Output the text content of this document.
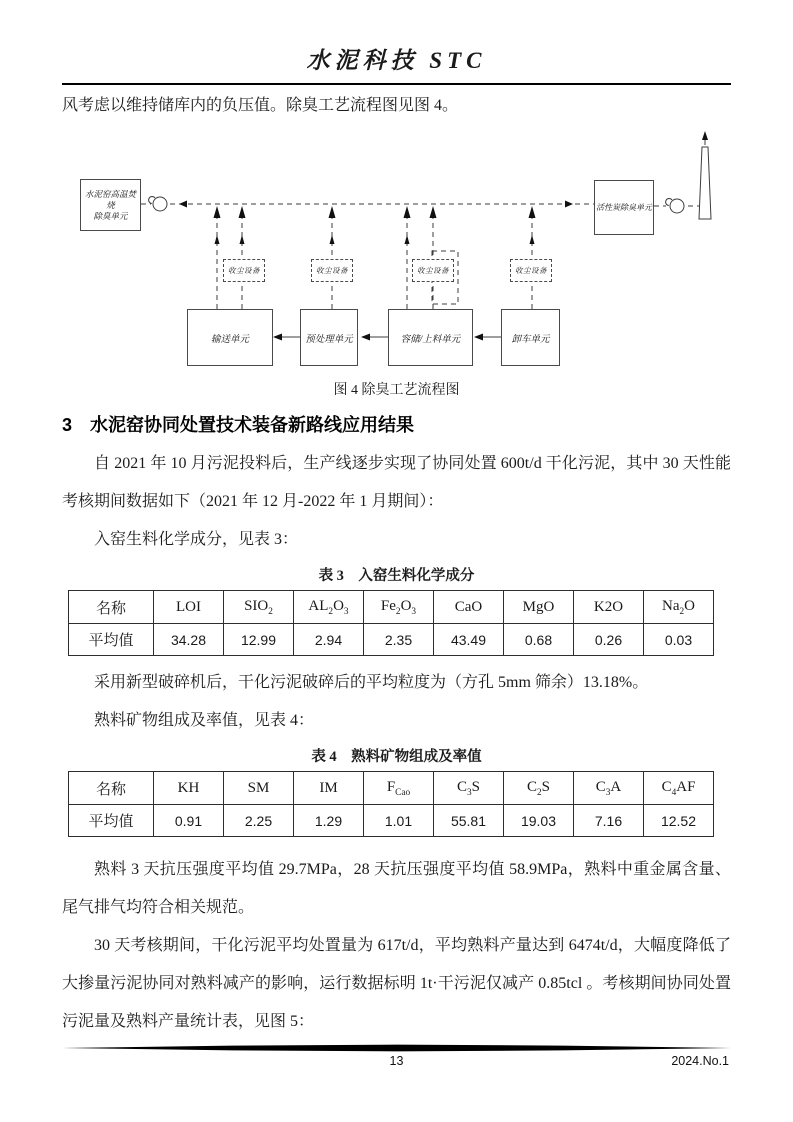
水泥科技 STC

风考虑以维持储库内的负压值。除臭工艺流程图见图 4。

水泥窑高温焚烧
除臭单元
活性炭除臭单元
收尘设备	收尘设备	收尘设备	收尘设备
输送单元	预处理单元	容储/上料单元	卸车单元

图 4 除臭工艺流程图

3 水泥窑协同处置技术装备新路线应用结果

自 2021 年 10 月污泥投料后，生产线逐步实现了协同处置 600t/d 干化污泥，其中 30 天性能考核期间数据如下（2021 年 12 月-2022 年 1 月期间）：

入窑生料化学成分，见表 3：

表 3　入窑生料化学成分

名称	LOI	$SIO_2$	$AL_2O_3$	$Fe_2O_3$	CaO	MgO	K2O	$Na_2O$
平均值	34.28	12.99	2.94	2.35	43.49	0.68	0.26	0.03

采用新型破碎机后，干化污泥破碎后的平均粒度为（方孔 5mm 筛余）13.18%。

熟料矿物组成及率值，见表 4：

表 4　熟料矿物组成及率值

名称	KH	SM	IM	$F_{Cao}$	$C_3S$	$C_2S$	$C_3A$	$C_4AF$
平均值	0.91	2.25	1.29	1.01	55.81	19.03	7.16	12.52

熟料 3 天抗压强度平均值 29.7MPa，28 天抗压强度平均值 58.9MPa，熟料中重金属含量、尾气排气均符合相关规范。

30 天考核期间，干化污泥平均处置量为 617t/d，平均熟料产量达到 6474t/d，大幅度降低了大掺量污泥协同对熟料减产的影响，运行数据标明 1t·干污泥仅减产 0.85tcl 。考核期间协同处置污泥量及熟料产量统计表，见图 5：

13	2024.No.1
